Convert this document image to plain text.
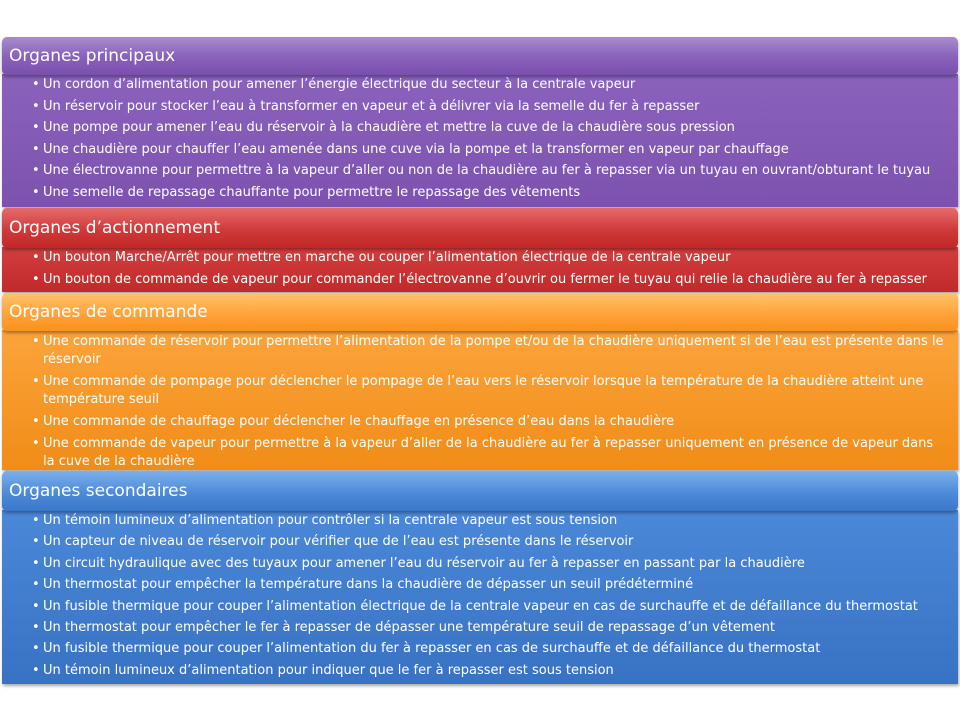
Organes principaux
• Un cordon d’alimentation pour amener l’énergie électrique du secteur à la centrale vapeur
• Un réservoir pour stocker l’eau à transformer en vapeur et à délivrer via la semelle du fer à repasser
• Une pompe pour amener l’eau du réservoir à la chaudière et mettre la cuve de la chaudière sous pression
• Une chaudière pour chauffer l’eau amenée dans une cuve via la pompe et la transformer en vapeur par chauffage
• Une électrovanne pour permettre à la vapeur d’aller ou non de la chaudière au fer à repasser via un tuyau en ouvrant/obturant le tuyau
• Une semelle de repassage chauffante pour permettre le repassage des vêtements
Organes d’actionnement
• Un bouton Marche/Arrêt pour mettre en marche ou couper l’alimentation électrique de la centrale vapeur
• Un bouton de commande de vapeur pour commander l’électrovanne d’ouvrir ou fermer le tuyau qui relie la chaudière au fer à repasser
Organes de commande
• Une commande de réservoir pour permettre l’alimentation de la pompe et/ou de la chaudière uniquement si de l’eau est présente dans le réservoir
• Une commande de pompage pour déclencher le pompage de l’eau vers le réservoir lorsque la température de la chaudière atteint une température seuil
• Une commande de chauffage pour déclencher le chauffage en présence d’eau dans la chaudière
• Une commande de vapeur pour permettre à la vapeur d’aller de la chaudière au fer à repasser uniquement en présence de vapeur dans la cuve de la chaudière
Organes secondaires
• Un témoin lumineux d’alimentation pour contrôler si la centrale vapeur est sous tension
• Un capteur de niveau de réservoir pour vérifier que de l’eau est présente dans le réservoir
• Un circuit hydraulique avec des tuyaux pour amener l’eau du réservoir au fer à repasser en passant par la chaudière
• Un thermostat pour empêcher la température dans la chaudière de dépasser un seuil prédéterminé
• Un fusible thermique pour couper l’alimentation électrique de la centrale vapeur en cas de surchauffe et de défaillance du thermostat
• Un thermostat pour empêcher le fer à repasser de dépasser une température seuil de repassage d’un vêtement
• Un fusible thermique pour couper l’alimentation du fer à repasser en cas de surchauffe et de défaillance du thermostat
• Un témoin lumineux d’alimentation pour indiquer que le fer à repasser est sous tension
